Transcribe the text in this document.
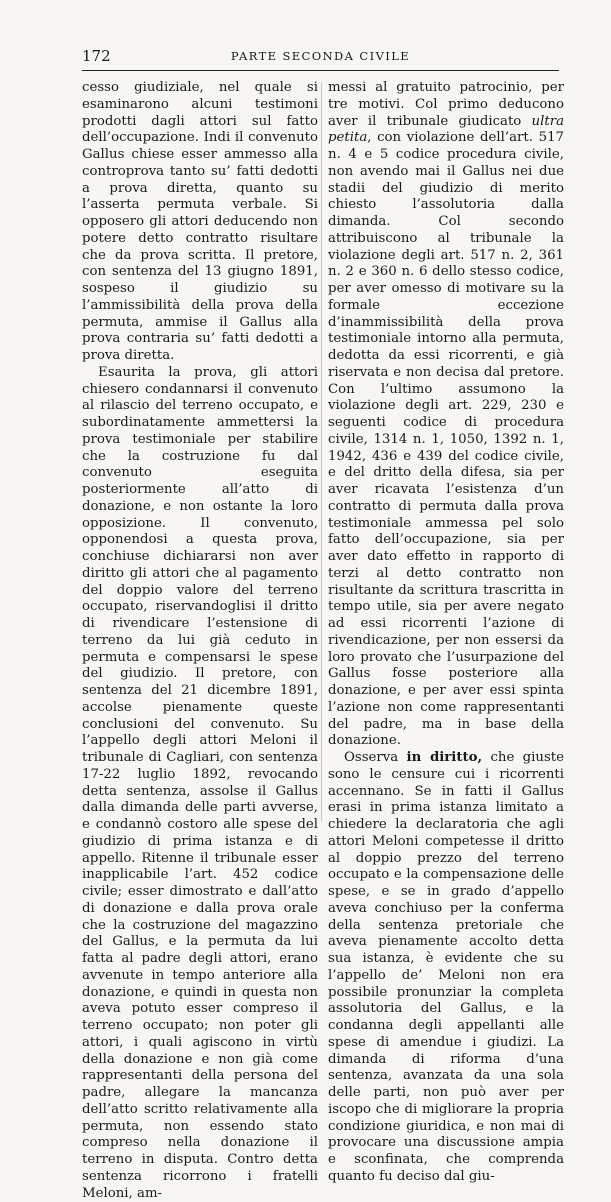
172	PARTE SECONDA CIVILE

cesso giudiziale, nel quale si esaminarono alcuni testimoni prodotti dagli attori sul fatto dell’occupazione. Indi il convenuto Gallus chiese esser ammesso alla controprova tanto su’ fatti dedotti a prova diretta, quanto su l’asserta permuta verbale. Si opposero gli attori deducendo non potere detto contratto risultare che da prova scritta. Il pretore, con sentenza del 13 giugno 1891, sospeso il giudizio su l’ammissibilità della prova della permuta, ammise il Gallus alla prova contraria su’ fatti dedotti a prova diretta.

Esaurita la prova, gli attori chiesero condannarsi il convenuto al rilascio del terreno occupato, e subordinatamente ammettersi la prova testimoniale per stabilire che la costruzione fu dal convenuto eseguita posteriormente all’atto di donazione, e non ostante la loro opposizione. Il convenuto, opponendosi a questa prova, conchiuse dichiararsi non aver diritto gli attori che al pagamento del doppio valore del terreno occupato, riservandoglisi il dritto di rivendicare l’estensione di terreno da lui già ceduto in permuta e compensarsi le spese del giudizio. Il pretore, con sentenza del 21 dicembre 1891, accolse pienamente queste conclusioni del convenuto. Su l’appello degli attori Meloni il tribunale di Cagliari, con sentenza 17-22 luglio 1892, revocando detta sentenza, assolse il Gallus dalla dimanda delle parti avverse, e condannò costoro alle spese del giudizio di prima istanza e di appello. Ritenne il tribunale esser inapplicabile l’art. 452 codice civile; esser dimostrato e dall’atto di donazione e dalla prova orale che la costruzione del magazzino del Gallus, e la permuta da lui fatta al padre degli attori, erano avvenute in tempo anteriore alla donazione, e quindi in questa non aveva potuto esser compreso il terreno occupato; non poter gli attori, i quali agiscono in virtù della donazione e non già come rappresentanti della persona del padre, allegare la mancanza dell’atto scritto relativamente alla permuta, non essendo stato compreso nella donazione il terreno in disputa. Contro detta sentenza ricorrono i fratelli Meloni, am-

messi al gratuito patrocinio, per tre motivi. Col primo deducono aver il tribunale giudicato ultra petita, con violazione dell’art. 517 n. 4 e 5 codice procedura civile, non avendo mai il Gallus nei due stadii del giudizio di merito chiesto l’assolutoria dalla dimanda. Col secondo attribuiscono al tribunale la violazione degli art. 517 n. 2, 361 n. 2 e 360 n. 6 dello stesso codice, per aver omesso di motivare su la formale eccezione d’inammissibilità della prova testimoniale intorno alla permuta, dedotta da essi ricorrenti, e già riservata e non decisa dal pretore. Con l’ultimo assumono la violazione degli art. 229, 230 e seguenti codice di procedura civile, 1314 n. 1, 1050, 1392 n. 1, 1942, 436 e 439 del codice civile, e del dritto della difesa, sia per aver ricavata l’esistenza d’un contratto di permuta dalla prova testimoniale ammessa pel solo fatto dell’occupazione, sia per aver dato effetto in rapporto di terzi al detto contratto non risultante da scrittura trascritta in tempo utile, sia per avere negato ad essi ricorrenti l’azione di rivendicazione, per non essersi da loro provato che l’usurpazione del Gallus fosse posteriore alla donazione, e per aver essi spinta l’azione non come rappresentanti del padre, ma in base della donazione.

Osserva in diritto, che giuste sono le censure cui i ricorrenti accennano. Se in fatti il Gallus erasi in prima istanza limitato a chiedere la declaratoria che agli attori Meloni competesse il dritto al doppio prezzo del terreno occupato e la compensazione delle spese, e se in grado d’appello aveva conchiuso per la conferma della sentenza pretoriale che aveva pienamente accolto detta sua istanza, è evidente che su l’appello de’ Meloni non era possibile pronunziar la completa assolutoria del Gallus, e la condanna degli appellanti alle spese di amendue i giudizi. La dimanda di riforma d’una sentenza, avanzata da una sola delle parti, non può aver per iscopo che di migliorare la propria condizione giuridica, e non mai di provocare una discussione ampia e sconfinata, che comprenda quanto fu deciso dal giu-
